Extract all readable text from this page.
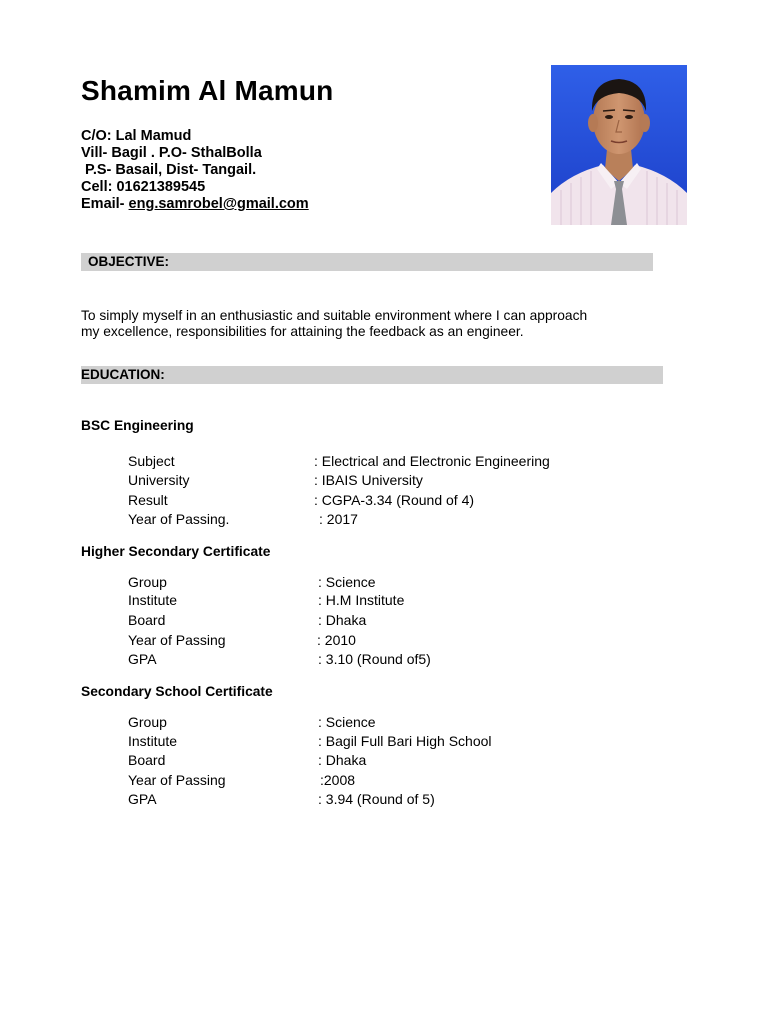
Shamim Al Mamun
C/O: Lal Mamud
Vill- Bagil . P.O- SthalBolla
P.S- Basail, Dist- Tangail.
Cell: 01621389545
Email- eng.samrobel@gmail.com
OBJECTIVE:
To simply myself in an enthusiastic and suitable environment where I can approach
my excellence, responsibilities for attaining the feedback as an engineer.
EDUCATION:
BSC Engineering

Subject

	: Electrical and Electronic Engineering

University

	: IBAIS University

Result

	: CGPA-3.34 (Round of 4)

Year of Passing.

	: 2017

Higher Secondary Certificate

Group

	: Science

Institute

	: H.M Institute

Board

	: Dhaka

Year of Passing

	: 2010

GPA

	: 3.10 (Round of5)

Secondary School Certificate

Group

	: Science

Institute

	: Bagil Full Bari High School

Board

	: Dhaka

Year of Passing

	:2008

GPA

	: 3.94 (Round of 5)
